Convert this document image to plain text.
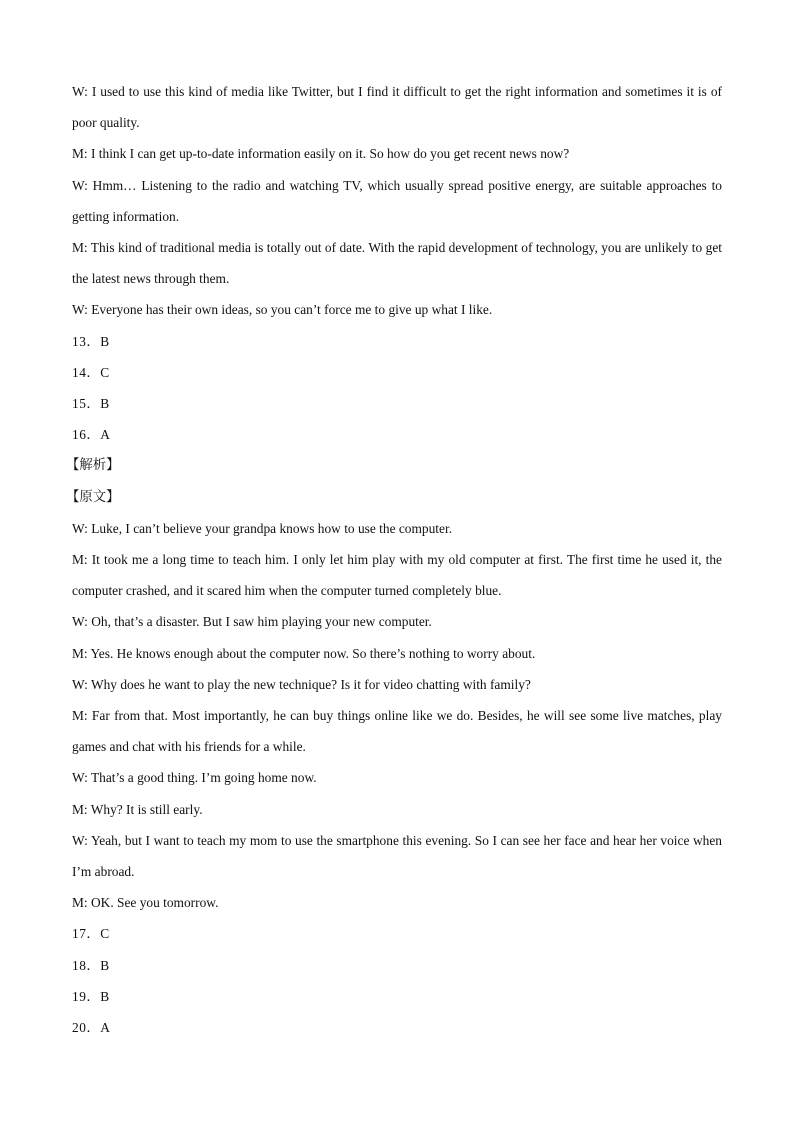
W: I used to use this kind of media like Twitter, but I find it difficult to get the right information and sometimes it is of poor quality.

M: I think I can get up-to-date information easily on it. So how do you get recent news now?

W: Hmm… Listening to the radio and watching TV, which usually spread positive energy, are suitable approaches to getting information.

M: This kind of traditional media is totally out of date. With the rapid development of technology, you are unlikely to get the latest news through them.

W: Everyone has their own ideas, so you can’t force me to give up what I like.

13．B

14．C

15．B

16．A

【解析】

【原文】

W: Luke, I can’t believe your grandpa knows how to use the computer.

M: It took me a long time to teach him. I only let him play with my old computer at first. The first time he used it, the computer crashed, and it scared him when the computer turned completely blue.

W: Oh, that’s a disaster. But I saw him playing your new computer.

M: Yes. He knows enough about the computer now. So there’s nothing to worry about.

W: Why does he want to play the new technique? Is it for video chatting with family?

M: Far from that. Most importantly, he can buy things online like we do. Besides, he will see some live matches, play games and chat with his friends for a while.

W: That’s a good thing. I’m going home now.

M: Why? It is still early.

W: Yeah, but I want to teach my mom to use the smartphone this evening. So I can see her face and hear her voice when I’m abroad.

M: OK. See you tomorrow.

17．C

18．B

19．B

20．A
